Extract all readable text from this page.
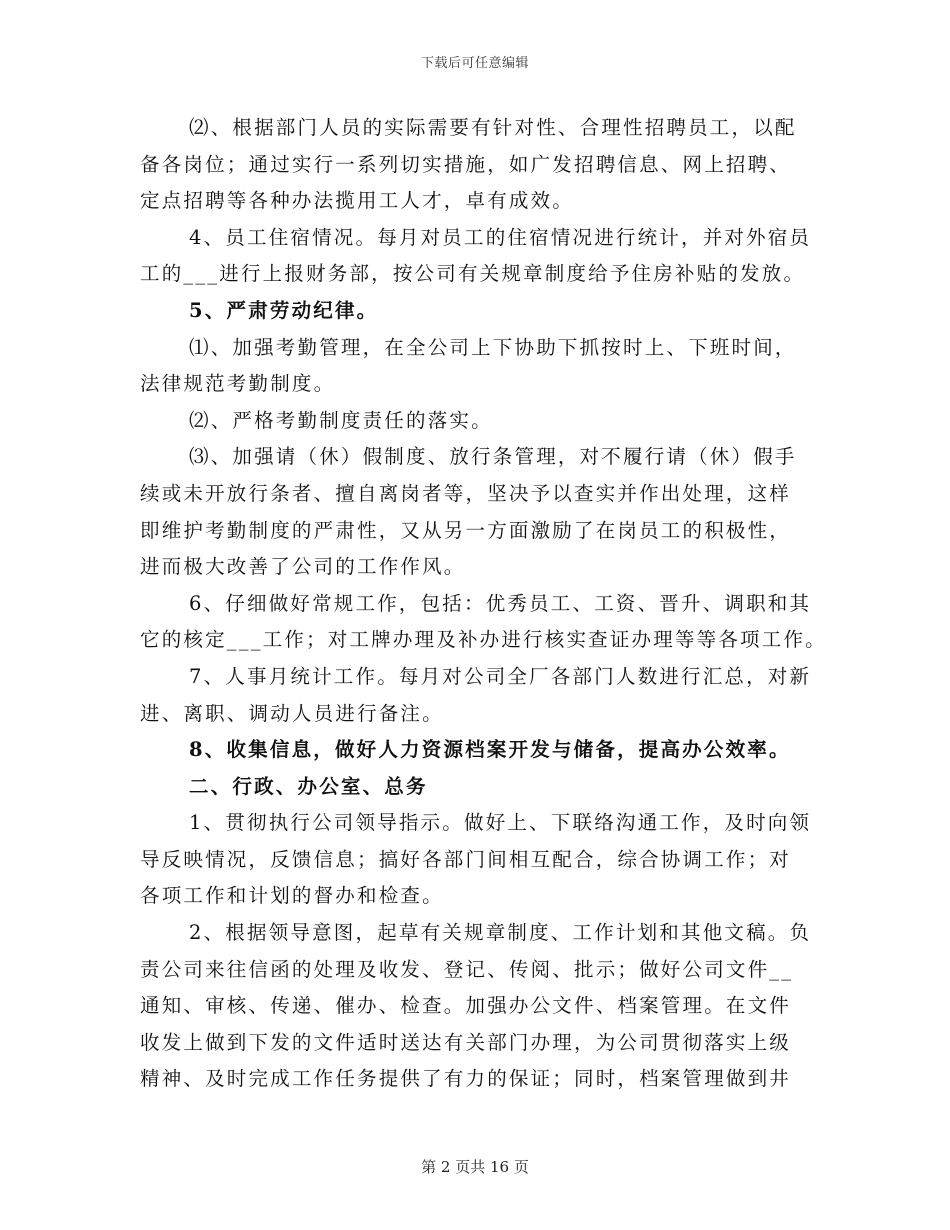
下载后可任意编辑

⑵、根据部门人员的实际需要有针对性、合理性招聘员工，以配
备各岗位；通过实行一系列切实措施，如广发招聘信息、网上招聘、
定点招聘等各种办法揽用工人才，卓有成效。

4、员工住宿情况。每月对员工的住宿情况进行统计，并对外宿员
工的___进行上报财务部，按公司有关规章制度给予住房补贴的发放。

5、严肃劳动纪律。

⑴、加强考勤管理，在全公司上下协助下抓按时上、下班时间，
法律规范考勤制度。

⑵、严格考勤制度责任的落实。

⑶、加强请（休）假制度、放行条管理，对不履行请（休）假手
续或未开放行条者、擅自离岗者等，坚决予以查实并作出处理，这样
即维护考勤制度的严肃性，又从另一方面激励了在岗员工的积极性，
进而极大改善了公司的工作作风。

6、仔细做好常规工作，包括：优秀员工、工资、晋升、调职和其
它的核定___工作；对工牌办理及补办进行核实查证办理等等各项工作。

7、人事月统计工作。每月对公司全厂各部门人数进行汇总，对新
进、离职、调动人员进行备注。

8、收集信息，做好人力资源档案开发与储备，提高办公效率。

二、行政、办公室、总务

1、贯彻执行公司领导指示。做好上、下联络沟通工作，及时向领
导反映情况，反馈信息；搞好各部门间相互配合，综合协调工作；对
各项工作和计划的督办和检查。

2、根据领导意图，起草有关规章制度、工作计划和其他文稿。负
责公司来往信函的处理及收发、登记、传阅、批示；做好公司文件__
通知、审核、传递、催办、检查。加强办公文件、档案管理。在文件
收发上做到下发的文件适时送达有关部门办理，为公司贯彻落实上级
精神、及时完成工作任务提供了有力的保证；同时，档案管理做到井

第 2 页共 16 页
